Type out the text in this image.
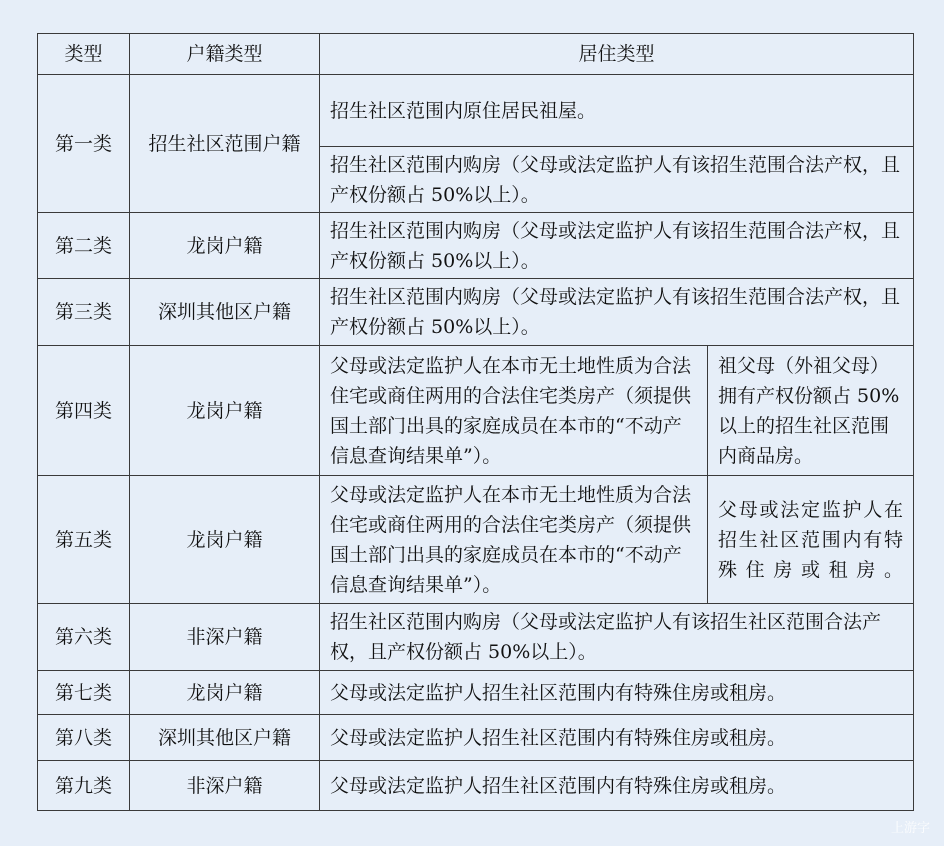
类型	户籍类型	居住类型	
第一类	招生社区范围户籍	招生社区范围内原住居民祖屋。	
		招生社区范围内购房（父母或法定监护人有该招生范围合法产权，且产权份额占 50%以上）。	
第二类	龙岗户籍	招生社区范围内购房（父母或法定监护人有该招生范围合法产权，且产权份额占 50%以上）。	
第三类	深圳其他区户籍	招生社区范围内购房（父母或法定监护人有该招生范围合法产权，且产权份额占 50%以上）。	
第四类	龙岗户籍	父母或法定监护人在本市无土地性质为合法住宅或商住两用的合法住宅类房产（须提供国土部门出具的家庭成员在本市的“不动产信息查询结果单”）。	祖父母（外祖父母）拥有产权份额占 50%以上的招生社区范围内商品房。
第五类	龙岗户籍	父母或法定监护人在本市无土地性质为合法住宅或商住两用的合法住宅类房产（须提供国土部门出具的家庭成员在本市的“不动产信息查询结果单”）。	父母或法定监护人在招生社区范围内有特殊住房或租房。
第六类	非深户籍	招生社区范围内购房（父母或法定监护人有该招生社区范围合法产权，且产权份额占 50%以上）。	
第七类	龙岗户籍	父母或法定监护人招生社区范围内有特殊住房或租房。	
第八类	深圳其他区户籍	父母或法定监护人招生社区范围内有特殊住房或租房。	
第九类	非深户籍	父母或法定监护人招生社区范围内有特殊住房或租房。	
上游字
